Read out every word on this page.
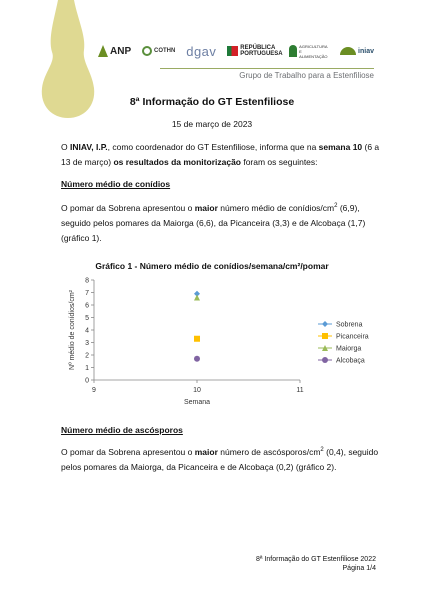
ANP	COTHN dgav	REPÚBLICA PORTUGUESA
AGRICULTURA E ALIMENTAÇÃO
iniav
Grupo de Trabalho para a Estenfiliose
8ª Informação do GT Estenfiliose
15 de março de 2023
O INIAV, I.P., como coordenador do GT Estenfiliose, informa que na semana 10 (6 a 13 de março) os resultados da monitorização foram os seguintes:
Número médio de conídios
O pomar da Sobrena apresentou o maior número médio de conídios/$cm^2$ (6,9), seguido pelos pomares da Maiorga (6,6), da Picanceira (3,3) e de Alcobaça (1,7) (gráfico 1).
Gráfico 1 - Número médio de conídios/semana/cm²/pomar
0
1
2
3
4
5
6
7
8
9	10	11
Semana
Nº médio de conídios/cm²	Sobrena
Picanceira
Maiorga
Alcobaça
Número médio de ascósporos
O pomar da Sobrena apresentou o maior número de ascósporos/$cm^2$ (0,4), seguido pelos pomares da Maiorga, da Picanceira e de Alcobaça (0,2) (gráfico 2).
8ª Informação do GT Estenfiliose 2022
Página 1/4
